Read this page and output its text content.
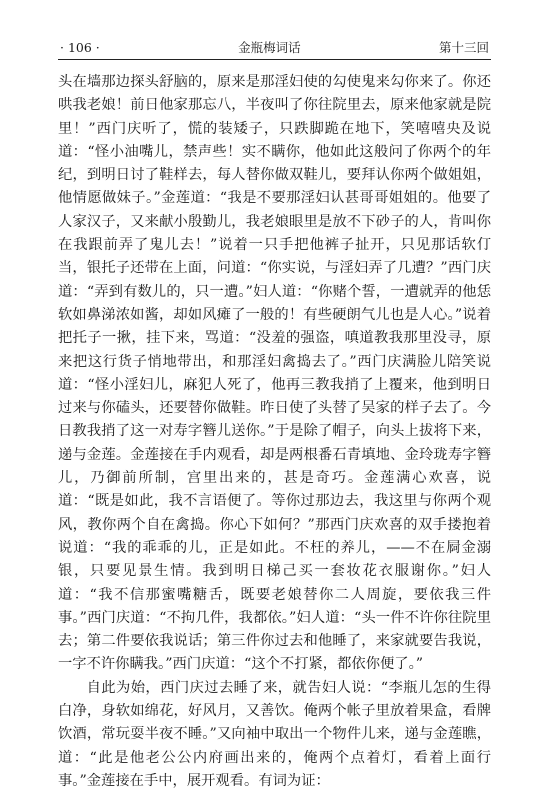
· 106 ·	金瓶梅词话	第十三回

头在墙那边探头舒脑的，原来是那淫妇使的勾使鬼来勾你来了。你还哄我老娘！前日他家那忘八，半夜叫了你往院里去，原来他家就是院里！”西门庆听了，慌的装矮子，只跌脚跪在地下，笑嘻嘻央及说道：“怪小油嘴儿，禁声些！实不瞒你，他如此这般问了你两个的年纪，到明日讨了鞋样去，每人替你做双鞋儿，要拜认你两个做姐姐，他情愿做妹子。”金莲道：“我是不要那淫妇认甚哥哥姐姐的。他要了人家汉子，又来献小殷勤儿，我老娘眼里是放不下砂子的人，肯叫你在我跟前弄了鬼儿去！”说着一只手把他裤子扯开，只见那话软仃当，银托子还带在上面，问道：“你实说，与淫妇弄了几遭？”西门庆道：“弄到有数儿的，只一遭。”妇人道：“你赌个誓，一遭就弄的他恁软如鼻涕浓如酱，却如风瘫了一般的！有些硬朗气儿也是人心。”说着把托子一揪，挂下来，骂道：“没羞的强盗，嗔道教我那里没寻，原来把这行货子悄地带出，和那淫妇禽捣去了。”西门庆满脸儿陪笑说道：“怪小淫妇儿，麻犯人死了，他再三教我捎了上覆来，他到明日过来与你磕头，还要替你做鞋。昨日使了头替了吴家的样子去了。今日教我捎了这一对寿字簪儿送你。”于是除了帽子，向头上拔将下来，递与金莲。金莲接在手内观看，却是两根番石青填地、金玲珑寿字簪儿，乃御前所制，宫里出来的，甚是奇巧。金莲满心欢喜，说道：“既是如此，我不言语便了。等你过那边去，我这里与你两个观风，教你两个自在禽捣。你心下如何？”那西门庆欢喜的双手搂抱着说道：“我的乖乖的儿，正是如此。不枉的养儿，——不在屙金溺银，只要见景生情。我到明日梯己买一套妆花衣服谢你。”妇人道：“我不信那蜜嘴糖舌，既要老娘替你二人周旋，要依我三件事。”西门庆道：“不拘几件，我都依。”妇人道：“头一件不许你往院里去；第二件要依我说话；第三件你过去和他睡了，来家就要告我说，一字不许你瞒我。”西门庆道：“这个不打紧，都依你便了。”

自此为始，西门庆过去睡了来，就告妇人说：“李瓶儿怎的生得白净，身软如绵花，好风月，又善饮。俺两个帐子里放着果盒，看牌饮酒，常玩耍半夜不睡。”又向袖中取出一个物件儿来，递与金莲瞧，道：“此是他老公公内府画出来的，俺两个点着灯，看着上面行事。”金莲接在手中，展开观看。有词为证：
